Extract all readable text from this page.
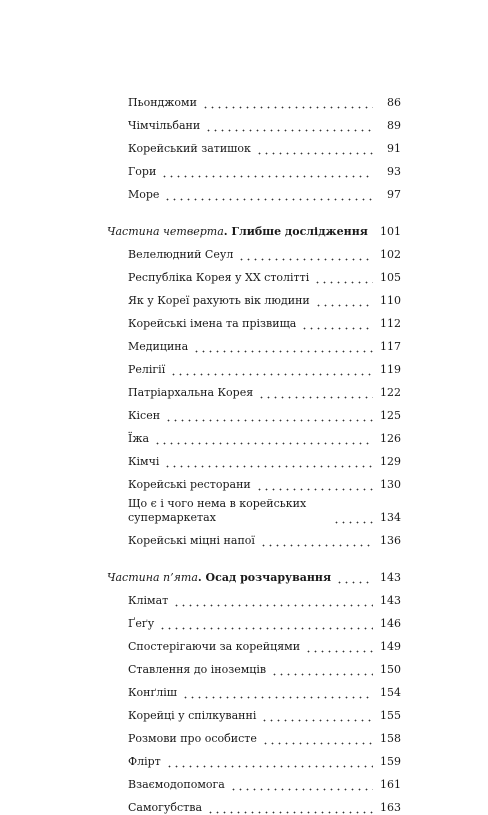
Пьонджоми	86
Чімчільбани	89
Корейський затишок	91
Гори	93
Море	97
Частина четверта. Глибше дослідження 101
Велелюдний Сеул	102
Республіка Корея у XX столітті	105
Як у Кореї рахують вік людини	110
Корейські імена та прізвища	112
Медицина	117
Релігії	119
Патріархальна Корея	122
Кісен	125
Їжа	126
Кімчі	129
Корейські ресторани	130
Що є і чого нема в корейських супермаркетах	134
Корейські міцні напої	136
Частина п’ята. Осад розчарування	143
Клімат	143
Ґеґу	146
Спостерігаючи за корейцями	149
Ставлення до іноземців	150
Конґліш	154
Корейці у спілкуванні	155
Розмови про особисте	158
Флірт	159
Взаємодопомога	161
Самогубства	163
